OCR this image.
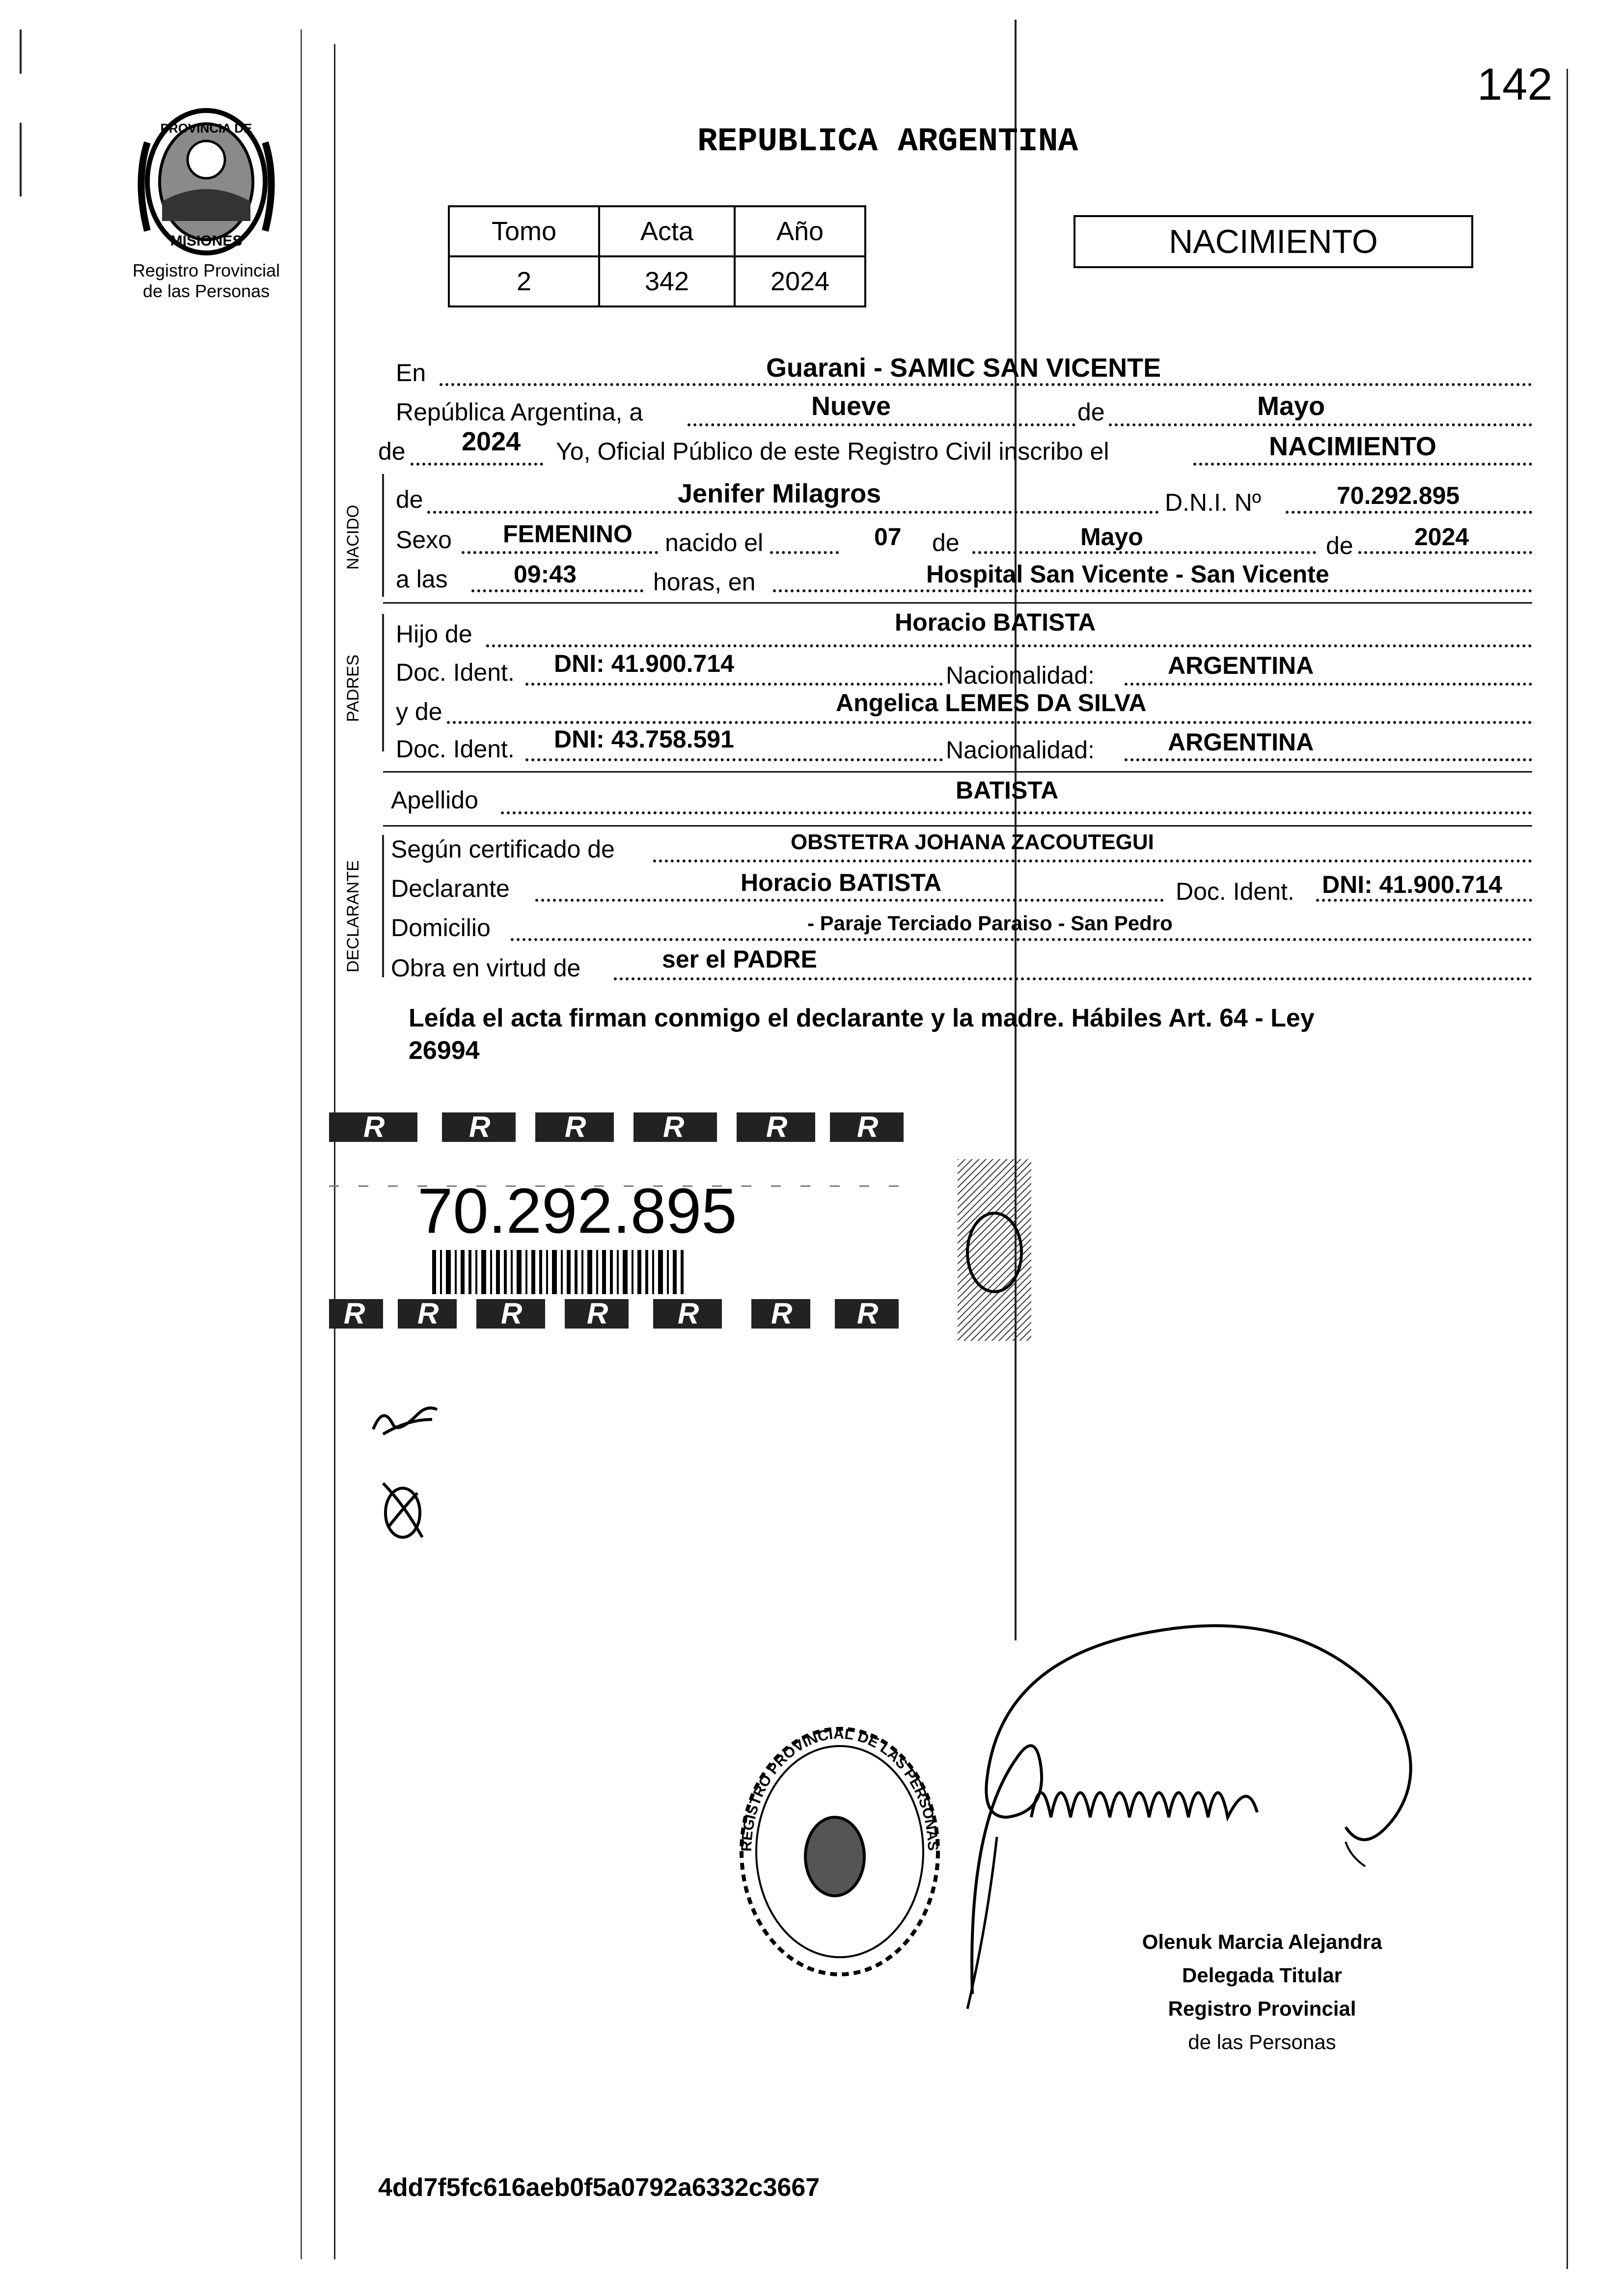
142
PROVINCIA DE
MISIONES
Registro Provincial
de las Personas
REPUBLICA ARGENTINA
Tomo	Acta	Año
2	342	2024
NACIMIENTO
En	Guarani - SAMIC SAN VICENTE
República Argentina, a	Nueve	de	Mayo
de 2024 Yo, Oficial Público de este Registro Civil inscribo el	NACIMIENTO
NACIDO
de	Jenifer Milagros	D.N.I. Nº	70.292.895
Sexo FEMENINO nacido el	07 de	Mayo	de 2024
a las	09:43	horas, en	Hospital San Vicente - San Vicente
PADRES
Hijo de	Horacio BATISTA
Doc. Ident. DNI: 41.900.714	Nacionalidad:	ARGENTINA
y de	Angelica LEMES DA SILVA
Doc. Ident. DNI: 43.758.591	Nacionalidad:	ARGENTINA
Apellido	BATISTA
DECLARANTE
Según certificado de	OBSTETRA JOHANA ZACOUTEGUI
Declarante	Horacio BATISTA	Doc. Ident. DNI: 41.900.714
Domicilio	- Paraje Terciado Paraiso - San Pedro
Obra en virtud de	ser el PADRE
Leída el acta firman conmigo el declarante y la madre. Hábiles Art. 64 - Ley
26994
R	R	R	R	R R
R R R R R R R
70.292.895
REGISTRO PROVINCIAL DE LAS PERSONAS
Olenuk Marcia Alejandra
Delegada Titular
Registro Provincial
de las Personas
4dd7f5fc616aeb0f5a0792a6332c3667
